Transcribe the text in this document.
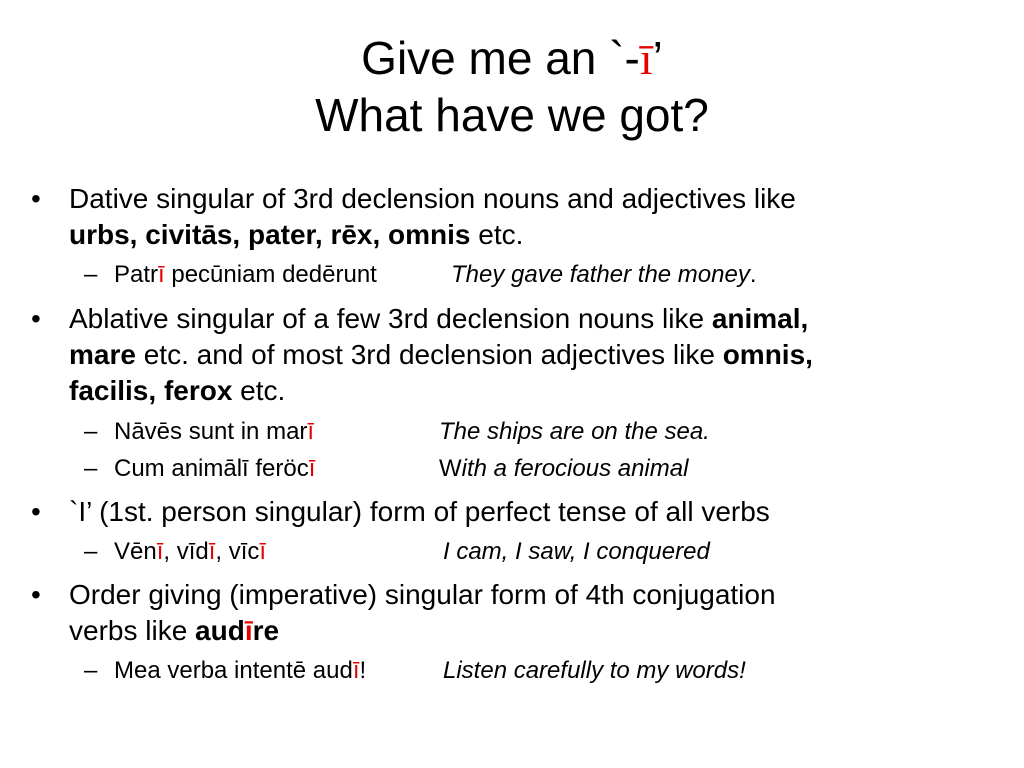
Give me an `-ī’
What have we got?
• Dative singular of 3rd declension nouns and adjectives like
urbs, civitās, pater, rēx, omnis etc.
– Patrī pecūniam dedērunt	They gave father the money.
• Ablative singular of a few 3rd declension nouns like animal,
mare etc. and of most 3rd declension adjectives like omnis,
facilis, ferox etc.
– Nāvēs sunt in marī	The ships are on the sea.
– Cum animālī feröcī	With a ferocious animal
• `I’ (1st. person singular) form of perfect tense of all verbs
– Vēnī, vīdī, vīcī	I cam, I saw, I conquered
• Order giving (imperative) singular form of 4th conjugation
verbs like audīre
– Mea verba intentē audī!	Listen carefully to my words!
